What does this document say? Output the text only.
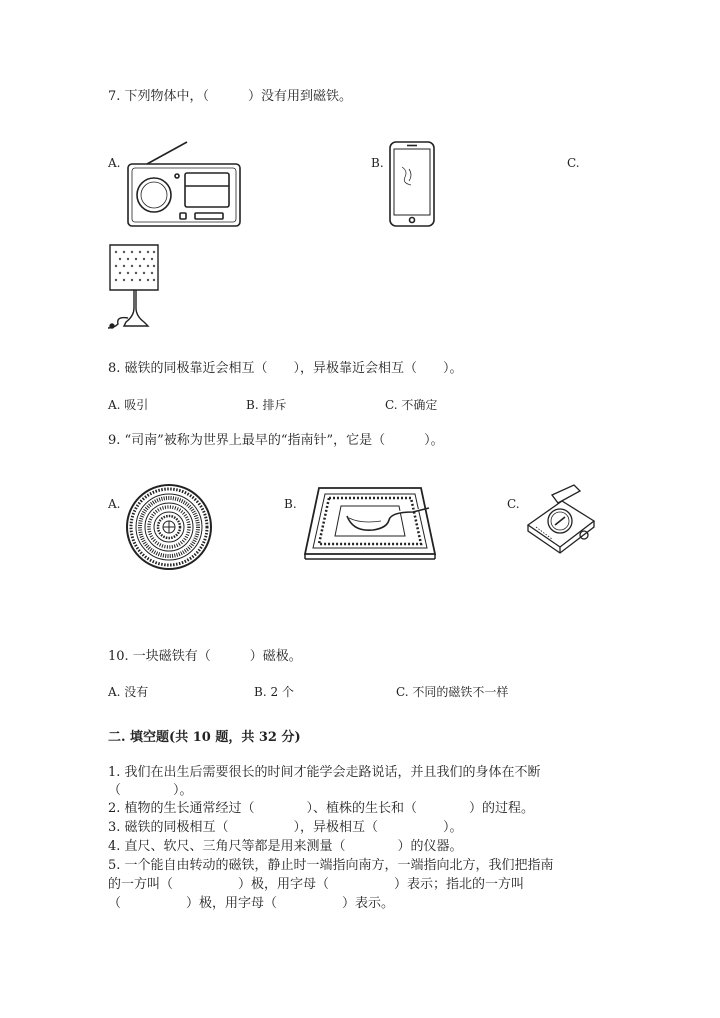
7. 下列物体中，（　　　）没有用到磁铁。
A.	B.	C.
8. 磁铁的同极靠近会相互（　　），异极靠近会相互（　　）。
A. 吸引	B. 排斥	C. 不确定
9. “司南”被称为世界上最早的“指南针”，它是（　　　）。
A.	B.	C.
10. 一块磁铁有（　　　）磁极。
A. 没有	B. 2 个	C. 不同的磁铁不一样
二. 填空题(共 10 题，共 32 分)
1. 我们在出生后需要很长的时间才能学会走路说话，并且我们的身体在不断
（　　　　）。
2. 植物的生长通常经过（　　　　）、植株的生长和（　　　　）的过程。
3. 磁铁的同极相互（　　　　　），异极相互（　　　　　）。
4. 直尺、软尺、三角尺等都是用来测量（　　　　）的仪器。
5. 一个能自由转动的磁铁，静止时一端指向南方，一端指向北方，我们把指南
的一方叫（　　　　　）极，用字母（　　　　　）表示；指北的一方叫
（　　　　　）极，用字母（　　　　　）表示。
